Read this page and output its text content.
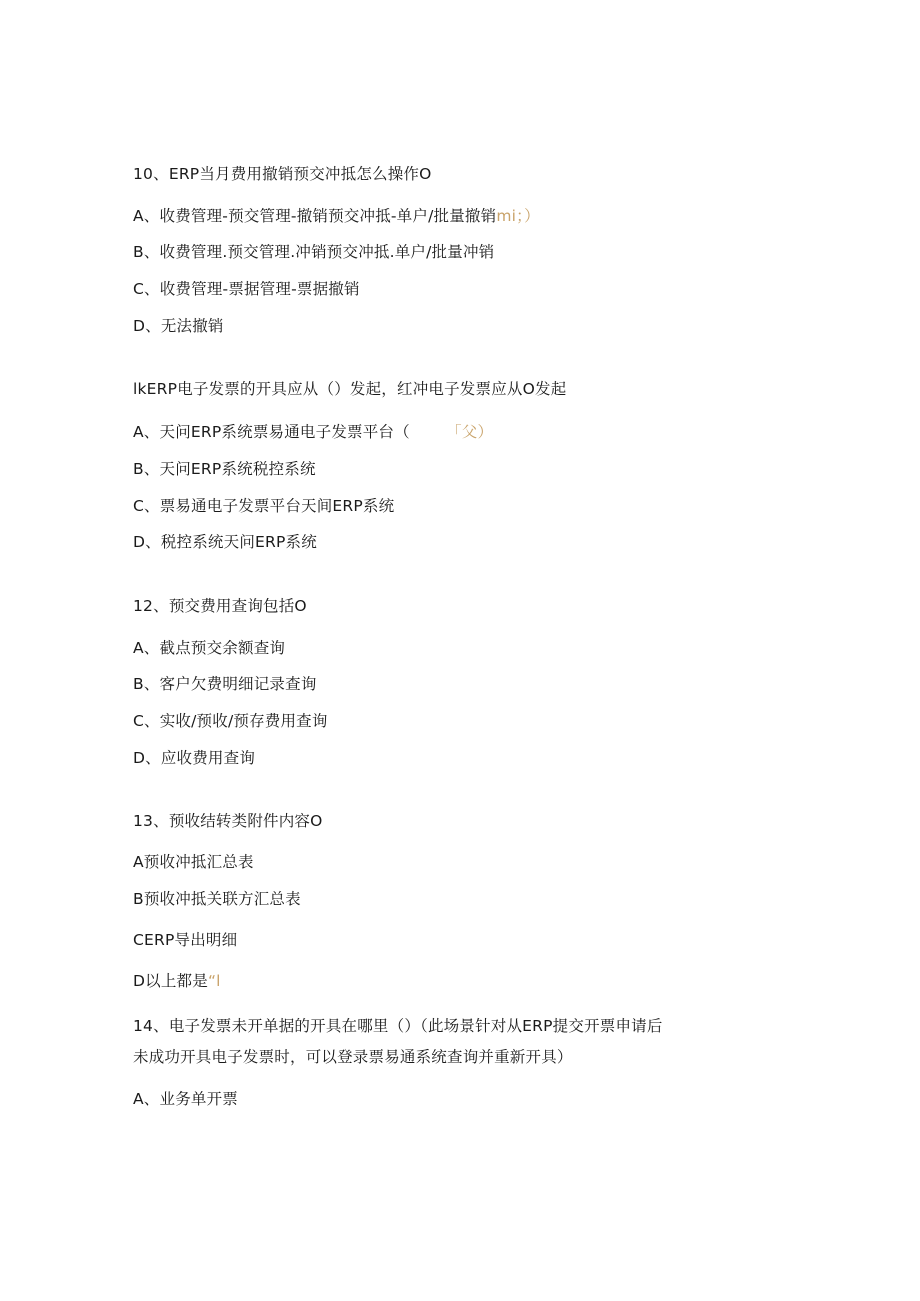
10、ERP当月费用撤销预交冲抵怎么操作O
A、收费管理-预交管理-撤销预交冲抵-单户/批量撤销mi；）
B、收费管理.预交管理.冲销预交冲抵.单户/批量冲销
C、收费管理-票据管理-票据撤销
D、无法撤销
lkERP电子发票的开具应从（）发起，红冲电子发票应从O发起
A、天问ERP系统票易通电子发票平台（	「父）
B、天问ERP系统税控系统
C、票易通电子发票平台天间ERP系统
D、税控系统天问ERP系统
12、预交费用查询包括O
A、截点预交余额查询
B、客户欠费明细记录查询
C、实收/预收/预存费用查询
D、应收费用查询
13、预收结转类附件内容O
A预收冲抵汇总表
B预收冲抵关联方汇总表
CERP导出明细
D以上都是“l
14、电子发票未开单据的开具在哪里（）（此场景针对从ERP提交开票申请后
未成功开具电子发票时，可以登录票易通系统查询并重新开具）
A、业务单开票
